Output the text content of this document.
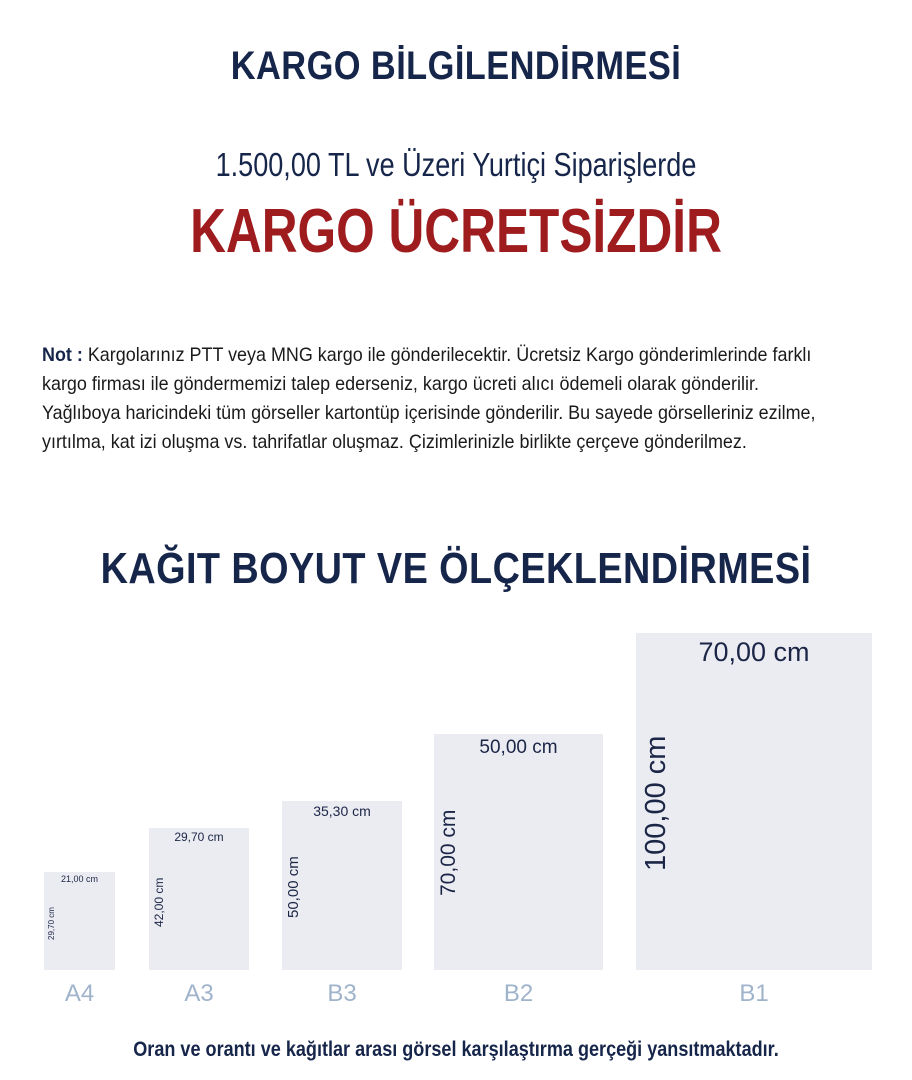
KARGO BİLGİLENDİRMESİ
1.500,00 TL ve Üzeri Yurtiçi Siparişlerde
KARGO ÜCRETSİZDİR
Not : Kargolarınız PTT veya MNG kargo ile gönderilecektir. Ücretsiz Kargo gönderimlerinde farklı kargo firması ile göndermemizi talep ederseniz, kargo ücreti alıcı ödemeli olarak gönderilir. Yağlıboya haricindeki tüm görseller kartontüp içerisinde gönderilir. Bu sayede görselleriniz ezilme, yırtılma, kat izi oluşma vs. tahrifatlar oluşmaz. Çizimlerinizle birlikte çerçeve gönderilmez.
KAĞIT BOYUT VE ÖLÇEKLENDİRMESİ
21,00 cm
29,70 cm
A4
29,70 cm
42,00 cm
A3
35,30 cm
50,00 cm
B3
50,00 cm
70,00 cm
B2
70,00 cm
100,00 cm
B1
Oran ve orantı ve kağıtlar arası görsel karşılaştırma gerçeği yansıtmaktadır.
